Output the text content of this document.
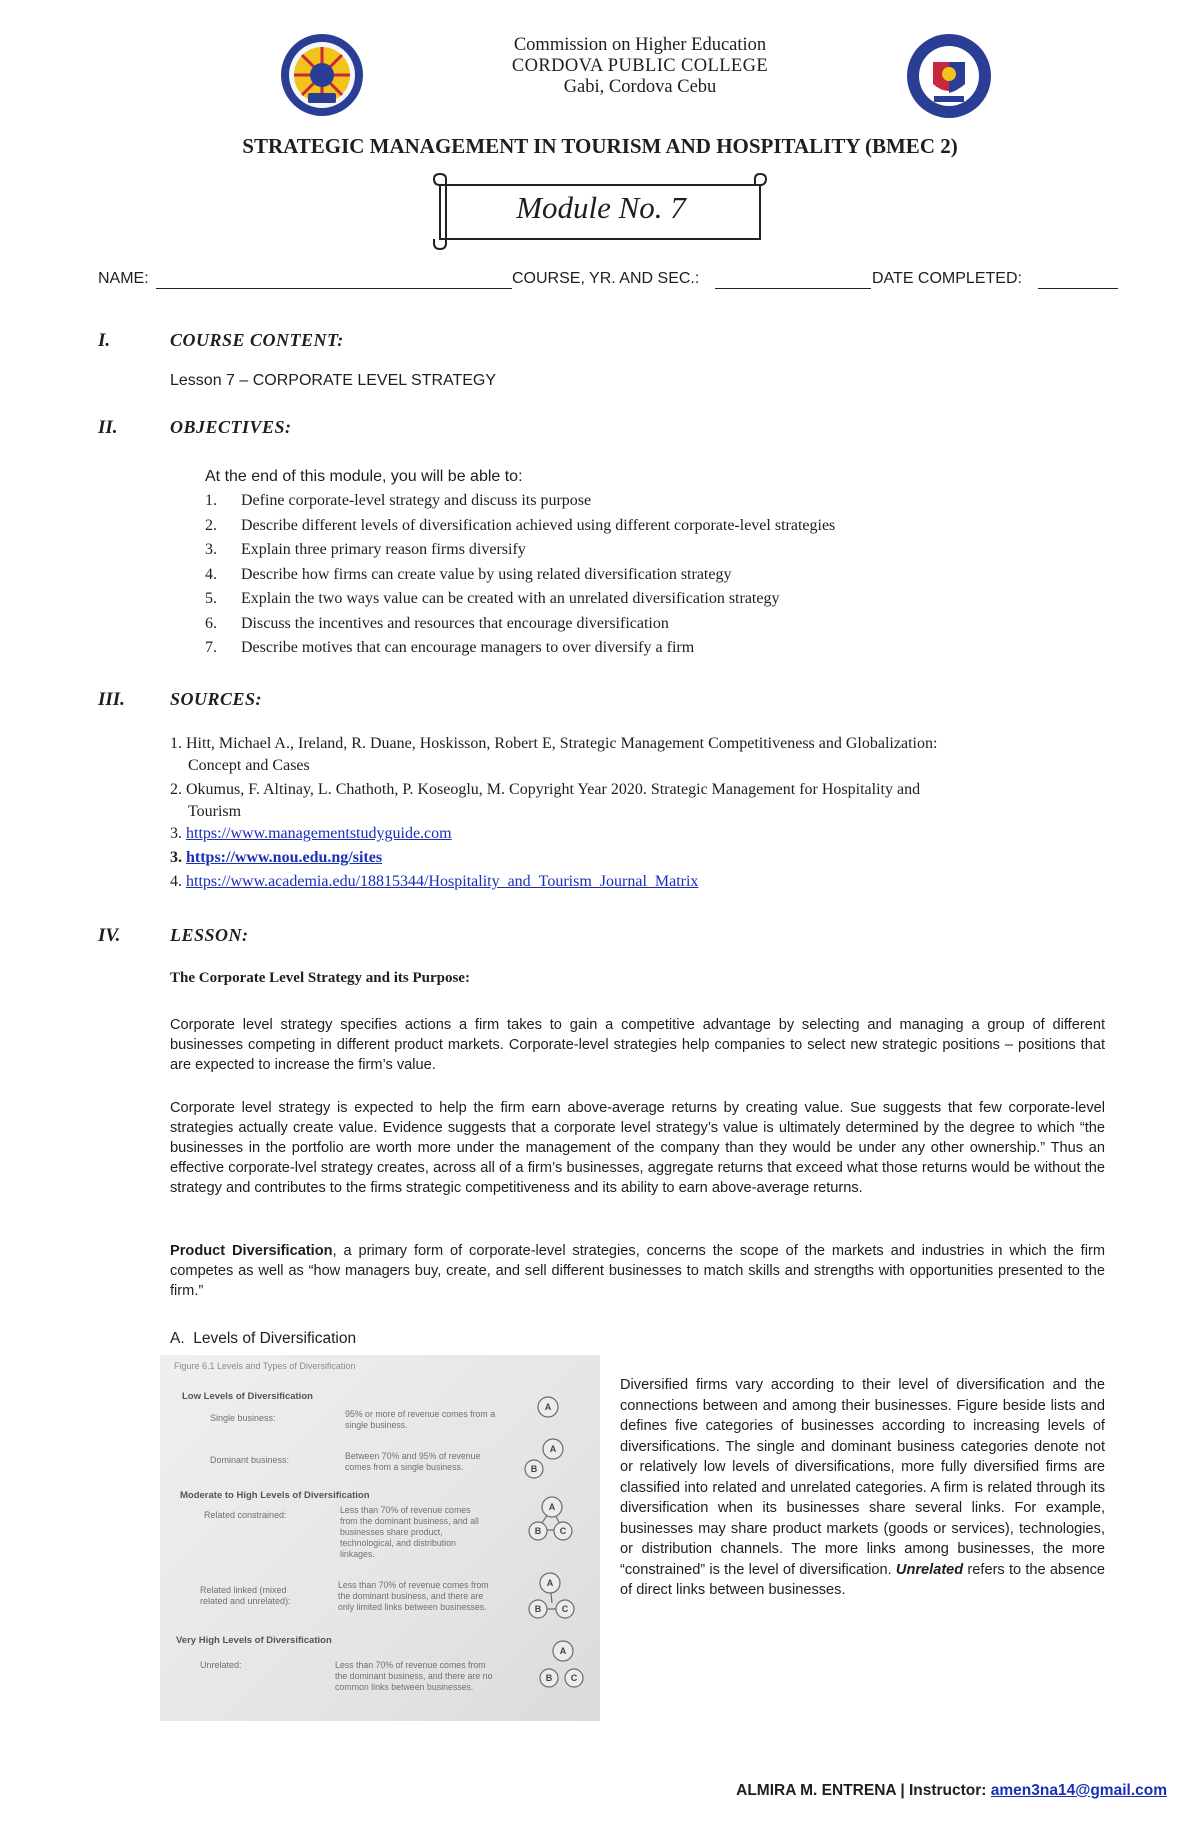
Commission on Higher Education
CORDOVA PUBLIC COLLEGE
Gabi, Cordova Cebu
STRATEGIC MANAGEMENT IN TOURISM AND HOSPITALITY (BMEC 2)
Module No. 7
NAME:	COURSE, YR. AND SEC.:	DATE COMPLETED:
I.	COURSE CONTENT:
Lesson 7 – CORPORATE LEVEL STRATEGY
II.	OBJECTIVES:
At the end of this module, you will be able to:
1. Define corporate-level strategy and discuss its purpose
2. Describe different levels of diversification achieved using different corporate-level strategies
3. Explain three primary reason firms diversify
4. Describe how firms can create value by using related diversification strategy
5. Explain the two ways value can be created with an unrelated diversification strategy
6. Discuss the incentives and resources that encourage diversification
7. Describe motives that can encourage managers to over diversify a firm
III.	SOURCES:
1. Hitt, Michael A., Ireland, R. Duane, Hoskisson, Robert E, Strategic Management Competitiveness and Globalization:
Concept and Cases
2. Okumus, F. Altinay, L. Chathoth, P. Koseoglu, M. Copyright Year 2020. Strategic Management for Hospitality and
Tourism
3. https://www.managementstudyguide.com
3. https://www.nou.edu.ng/sites
4. https://www.academia.edu/18815344/Hospitality_and_Tourism_Journal_Matrix
IV.	LESSON:
The Corporate Level Strategy and its Purpose:
Corporate level strategy specifies actions a firm takes to gain a competitive advantage by selecting and managing a group of different businesses competing in different product markets. Corporate-level strategies help companies to select new strategic positions – positions that are expected to increase the firm’s value.
Corporate level strategy is expected to help the firm earn above-average returns by creating value. Sue suggests that few corporate-level strategies actually create value. Evidence suggests that a corporate level strategy’s value is ultimately determined by the degree to which “the businesses in the portfolio are worth more under the management of the company than they would be under any other ownership.” Thus an effective corporate-lvel strategy creates, across all of a firm’s businesses, aggregate returns that exceed what those returns would be without the strategy and contributes to the firms strategic competitiveness and its ability to earn above-average returns.
Product Diversification, a primary form of corporate-level strategies, concerns the scope of the markets and industries in which the firm competes as well as “how managers buy, create, and sell different businesses to match skills and strengths with opportunities presented to the firm.”
A.  Levels of Diversification
Figure 6.1 Levels and Types of Diversification
Low Levels of Diversification
Single business:	95% or more of revenue comes from a single business.
Dominant business:	Between 70% and 95% of revenue comes from a single business.
Moderate to High Levels of Diversification
Related constrained:	Less than 70% of revenue comes from the dominant business, and all businesses share product, technological, and distribution linkages.
Related linked (mixed related and unrelated):
Less than 70% of revenue comes from the dominant business, and there are only limited links between businesses.
Very High Levels of Diversification
Unrelated:	Less than 70% of revenue comes from the dominant business, and there are no common links between businesses.
A
A
B
A
B C
A
B C
A
B C
Diversified firms vary according to their level of diversification and the connections between and among their businesses. Figure beside lists and defines five categories of businesses according to increasing levels of diversifications. The single and dominant business categories denote not or relatively low levels of diversifications, more fully diversified firms are classified into related and unrelated categories. A firm is related through its diversification when its businesses share several links. For example, businesses may share product markets (goods or services), technologies, or distribution channels. The more links among businesses, the more “constrained” is the level of diversification. Unrelated refers to the absence of direct links between businesses.
ALMIRA M. ENTRENA | Instructor: amen3na14@gmail.com
